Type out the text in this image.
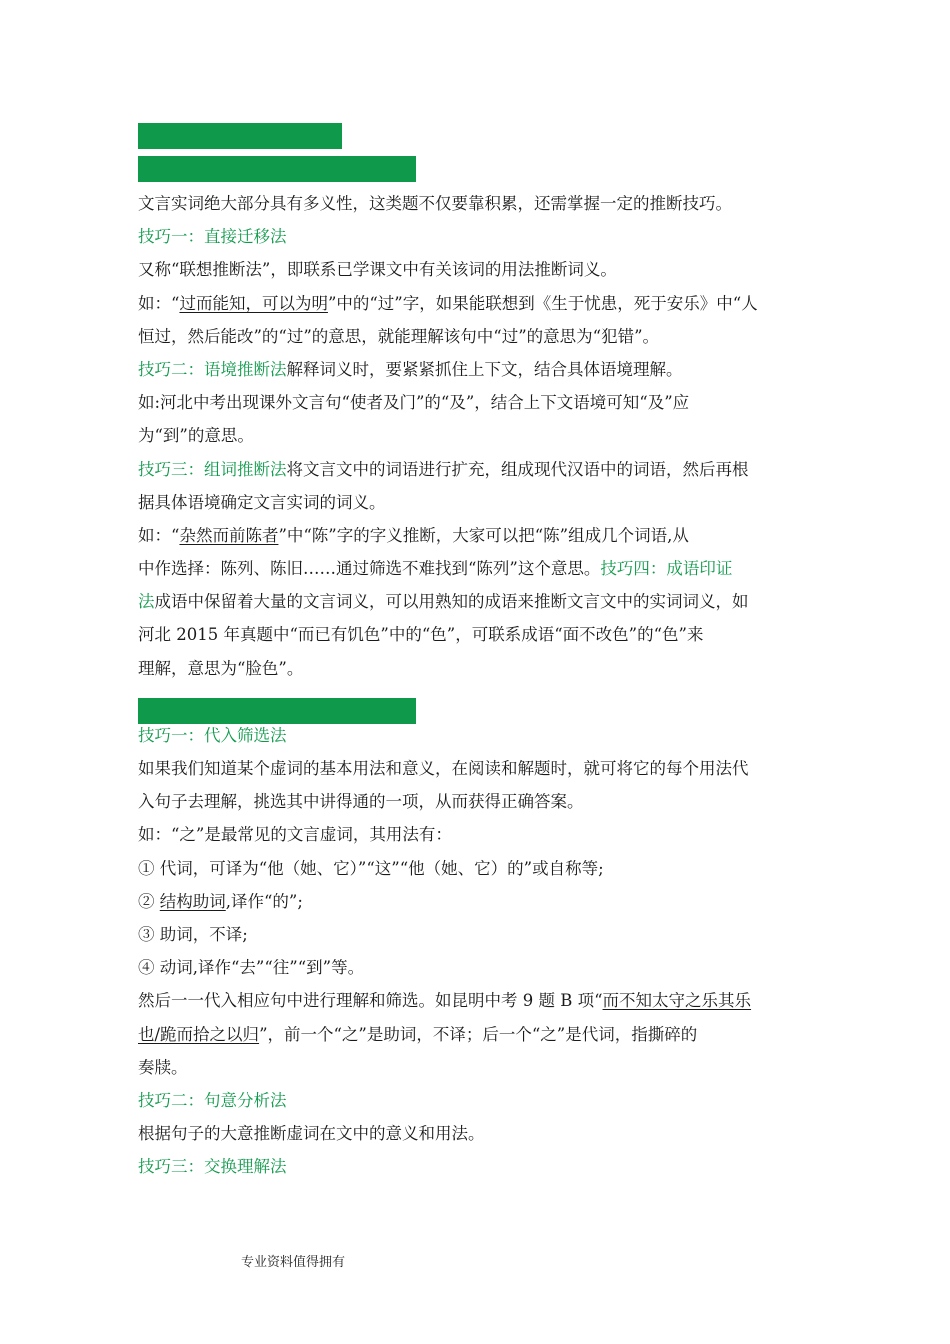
文言实词绝大部分具有多义性，这类题不仅要靠积累，还需掌握一定的推断技巧。
技巧一：直接迁移法
又称“联想推断法”，即联系已学课文中有关该词的用法推断词义。
如：“过而能知，可以为明”中的“过”字，如果能联想到《生于忧患，死于安乐》中“人
恒过，然后能改”的“过”的意思，就能理解该句中“过”的意思为“犯错”。
技巧二：语境推断法解释词义时，要紧紧抓住上下文，结合具体语境理解。
如:河北中考出现课外文言句“使者及门”的“及”，结合上下文语境可知“及”应
为“到”的意思。
技巧三：组词推断法将文言文中的词语进行扩充，组成现代汉语中的词语，然后再根
据具体语境确定文言实词的词义。
如：“杂然而前陈者”中“陈”字的字义推断，大家可以把“陈”组成几个词语,从
中作选择：陈列、陈旧……通过筛选不难找到“陈列”这个意思。技巧四：成语印证
法成语中保留着大量的文言词义，可以用熟知的成语来推断文言文中的实词词义，如
河北 2015 年真题中“而已有饥色”中的“色”，可联系成语“面不改色”的“色”来
理解，意思为“脸色”。
技巧一：代入筛选法
如果我们知道某个虚词的基本用法和意义，在阅读和解题时，就可将它的每个用法代
入句子去理解，挑选其中讲得通的一项，从而获得正确答案。
如：“之”是最常见的文言虚词，其用法有：
① 代词，可译为“他（她、它）”“这”“他（她、它）的”或自称等;
② 结构助词,译作“的”;
③ 助词，不译;
④ 动词,译作“去”“往”“到”等。
然后一一代入相应句中进行理解和筛选。如昆明中考 9 题 B 项“而不知太守之乐其乐
也/跪而拾之以归”，前一个“之”是助词，不译；后一个“之”是代词，指撕碎的
奏牍。
技巧二：句意分析法
根据句子的大意推断虚词在文中的意义和用法。
技巧三：交换理解法
专业资料值得拥有
